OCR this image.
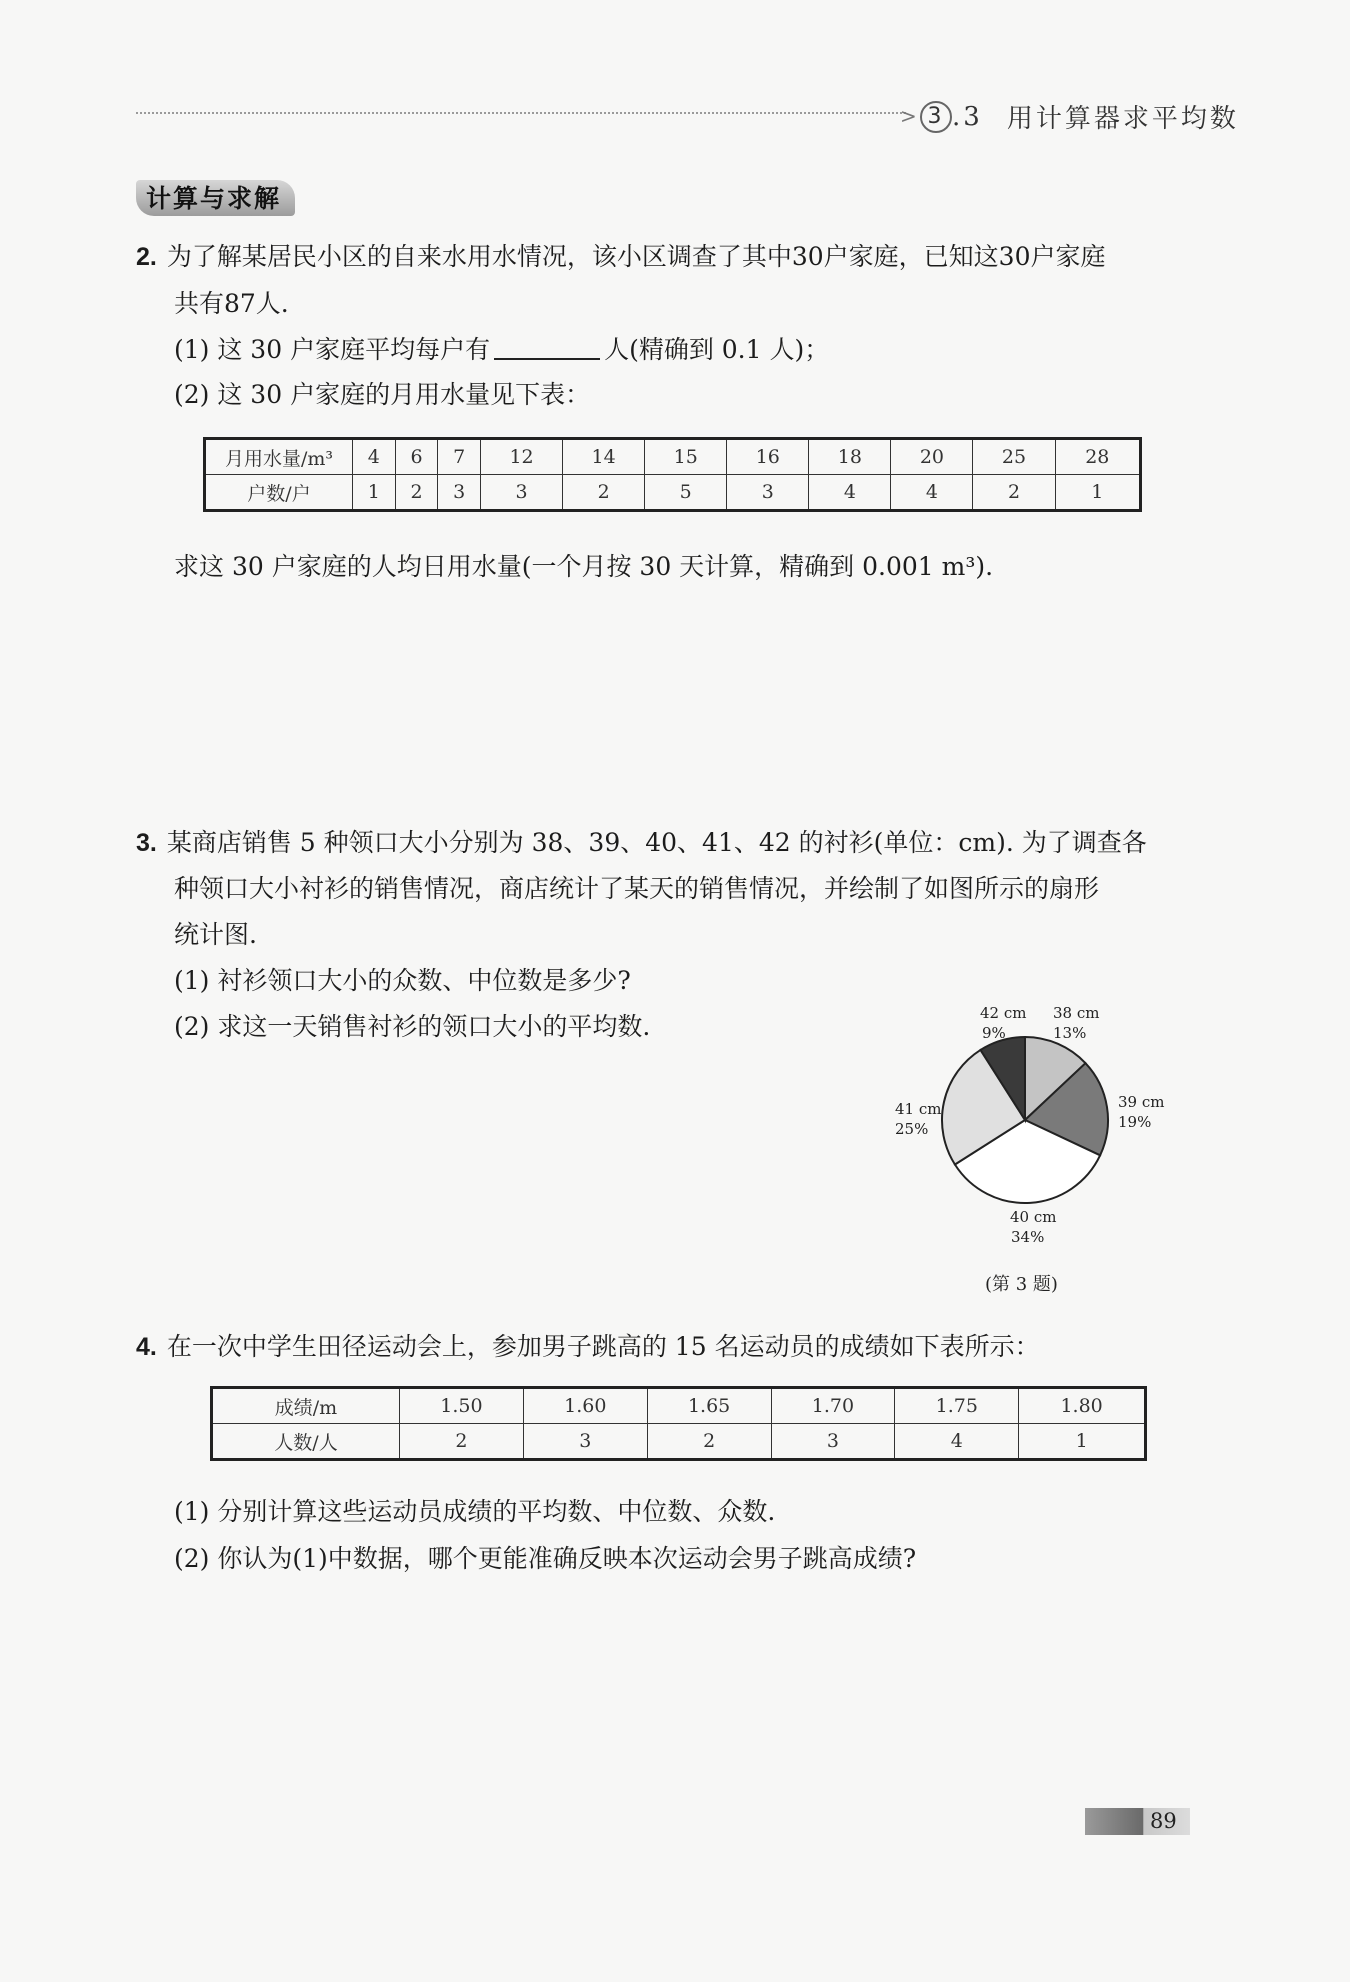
> 3 .3 用计算器求平均数
计算与求解
2. 为了解某居民小区的自来水用水情况，该小区调查了其中30户家庭，已知这30户家庭
共有87人.
(1) 这 30 户家庭平均每户有	人(精确到 0.1 人)；
(2) 这 30 户家庭的月用水量见下表：
月用水量/m³	4	6	7	12	14	15	16	18	20	25	28
户数/户	1	2	3	3	2	5	3	4	4	2	1
求这 30 户家庭的人均日用水量(一个月按 30 天计算，精确到 0.001 m³).
3. 某商店销售 5 种领口大小分别为 38、39、40、41、42 的衬衫(单位：cm). 为了调查各
种领口大小衬衫的销售情况，商店统计了某天的销售情况，并绘制了如图所示的扇形
统计图.
(1) 衬衫领口大小的众数、中位数是多少?
(2) 求这一天销售衬衫的领口大小的平均数.	42 cm
9%
38 cm
13%
39 cm
19%
41 cm
25%
40 cm
34%
(第 3 题)
4. 在一次中学生田径运动会上，参加男子跳高的 15 名运动员的成绩如下表所示：
成绩/m	1.50	1.60	1.65	1.70	1.75	1.80
人数/人	2	3	2	3	4	1
(1) 分别计算这些运动员成绩的平均数、中位数、众数.
(2) 你认为(1)中数据，哪个更能准确反映本次运动会男子跳高成绩?
89
